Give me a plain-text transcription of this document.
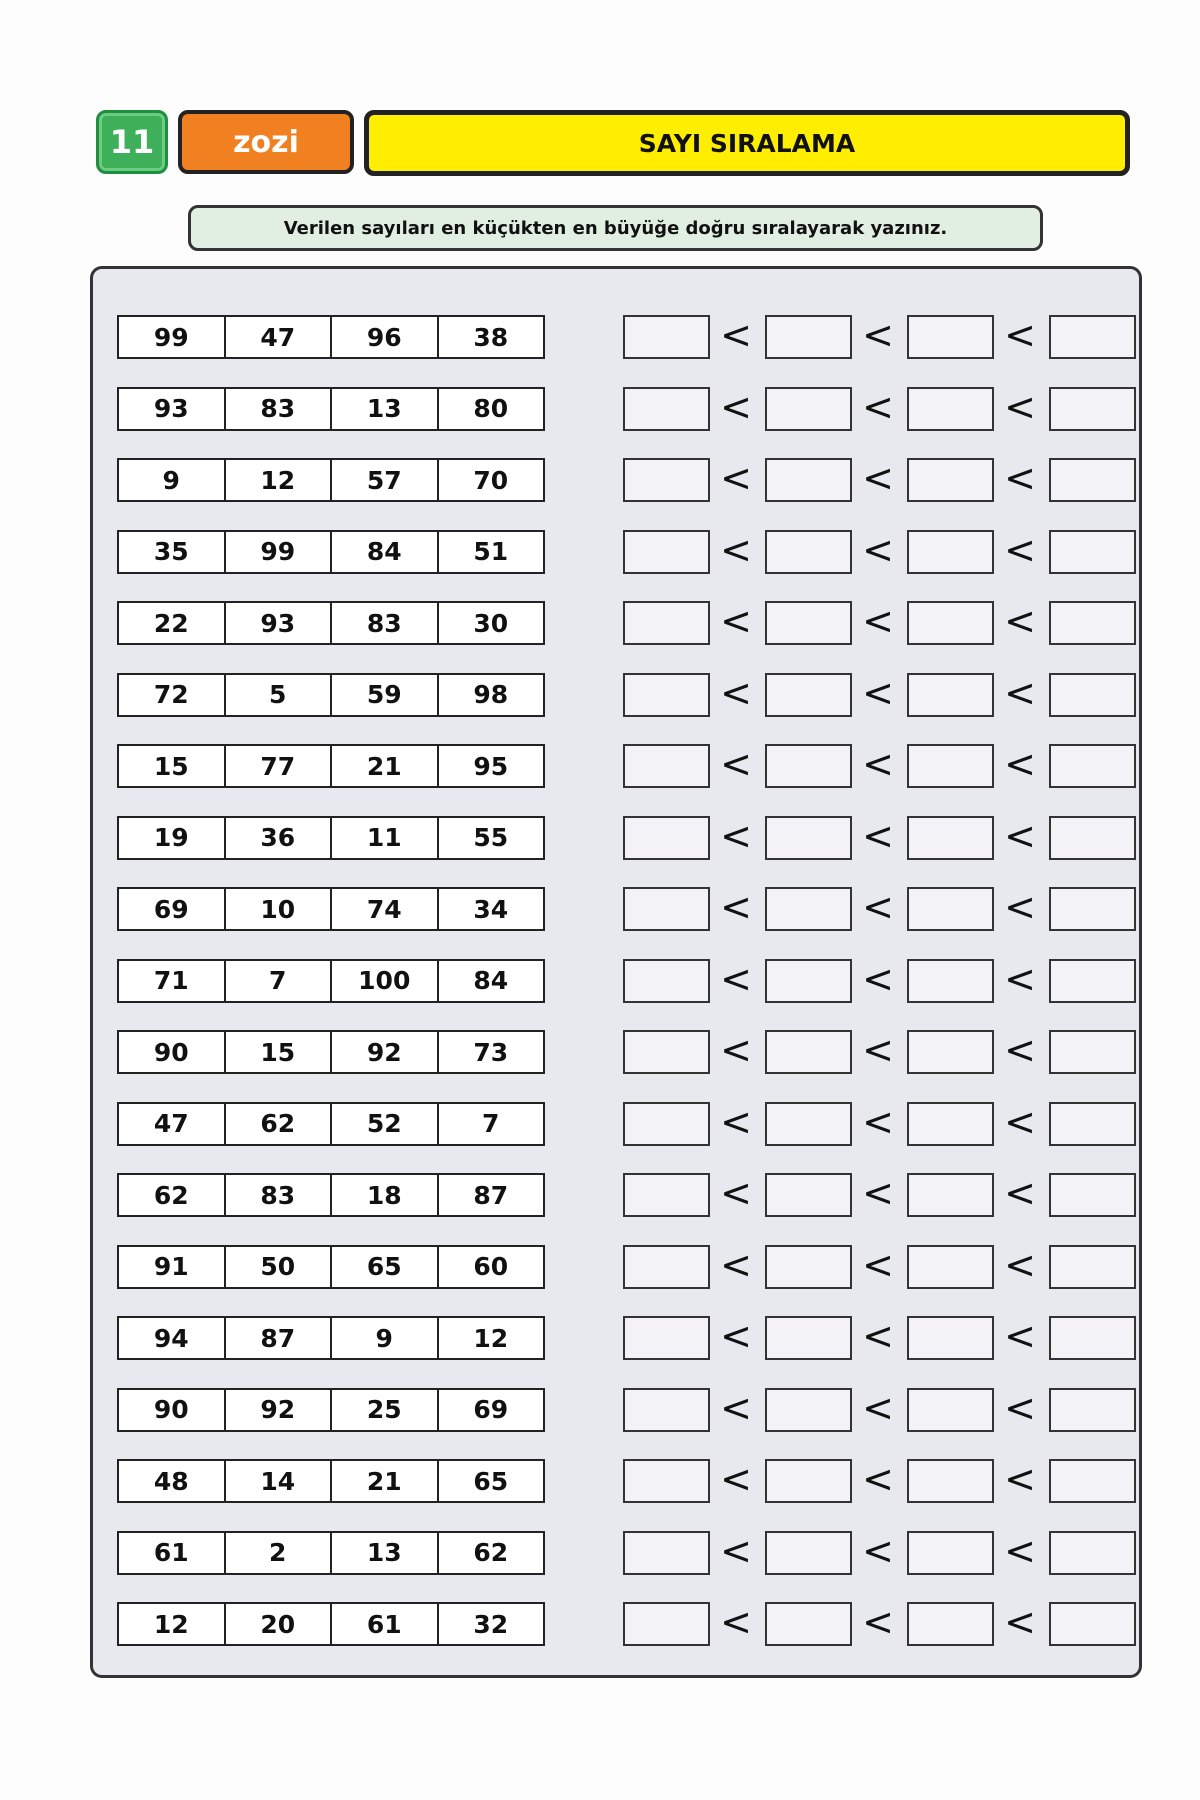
11	zozi	SAYI SIRALAMA
Verilen sayıları en küçükten en büyüğe doğru sıralayarak yazınız.
99	47	96	38	<	<	<
93	83	13	80	<	<	<
9	12	57	70	<	<	<
35	99	84	51	<	<	<
22	93	83	30	<	<	<
72	5	59	98	<	<	<
15	77	21	95	<	<	<
19	36	11	55	<	<	<
69	10	74	34	<	<	<
71	7	100	84	<	<	<
90	15	92	73	<	<	<
47	62	52	7	<	<	<
62	83	18	87	<	<	<
91	50	65	60	<	<	<
94	87	9	12	<	<	<
90	92	25	69	<	<	<
48	14	21	65	<	<	<
61	2	13	62	<	<	<
12	20	61	32	<	<	<
